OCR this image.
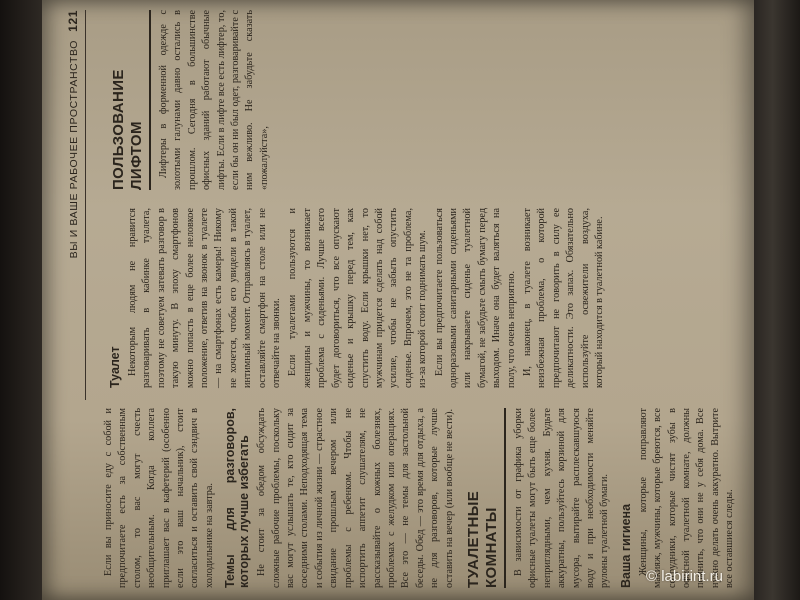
ВЫ И ВАШЕ РАБОЧЕЕ ПРОСТРАНСТВО
121

Если вы приносите еду с собой и предпочитаете есть за собственным столом, то вас могут счесть необщительным. Когда коллега приглашает вас в кафетерий (особенно если это ваш начальник), стоит согласиться и оставить свой сэндвич в холодильнике на завтра. Темы для разговоров, которых лучше избегать Не стоит за обедом обсуждать сложные рабочие проблемы, поскольку вас могут услышать те, кто сидит за соседними столами. Неподходящая тема и события из личной жизни — страстное свидание прошлым вечером или проблемы с ребенком. Чтобы не испортить аппетит слушателям, не рассказывайте о кожных болезнях, проблемах с желудком или операциях. Все это — не темы для застольной беседы. Обед — это время для отдыха, а не для разговоров, которые лучше оставить на вечер (или вообще не вести). ТУАЛЕТНЫЕ КОМНАТЫ	В зависимости от графика уборки офисные туалеты могут быть еще более неприглядными, чем кухня. Будьте аккуратны, пользуйтесь корзиной для мусора, вытирайте расплескавшуюся воду и при необходимости меняйте рулоны туалетной бумаги. Ваша гигиена Женщины, которые поправляют макияж, мужчины, которые бреются, все сотрудники, которые чистят зубы в офисной туалетной комнате, должны помнить, что они не у себя дома. Все нужно делать очень аккуратно. Вытрите все оставшиеся следы.

Туалет Некоторым людям не нравится разговаривать в кабинке туалета, поэтому не советуем затевать разговор в такую минуту. В эпоху смартфонов можно попасть в еще более неловкое положение, ответив на звонок в туалете — на смартфонах есть камеры! Никому не хочется, чтобы его увидели в такой интимный момент. Отправляясь в туалет, оставляйте смартфон на столе или не отвечайте на звонки. Если туалетами пользуются и женщины и мужчины, то возникает проблема с сиденьями. Лучше всего будет договориться, что все опускают сиденье и крышку перед тем, как спустить воду. Если крышки нет, то мужчинам придется сделать над собой усилие, чтобы не забыть опустить сиденье. Впрочем, это не та проблема, из-за которой стоит поднимать шум. Если вы предпочитаете пользоваться одноразовыми санитарными сиденьями или накрываете сиденье туалетной бумагой, не забудьте смыть бумагу перед выходом. Иначе она будет валяться на полу, что очень неприятно. И, наконец, в туалете возникает неизбежная проблема, о которой предпочитают не говорить в силу ее деликатности. Это запах. Обязательно используйте освежители воздуха, который находится в туалетной кабине.

ПОЛЬЗОВАНИЕ ЛИФТОМ	Лифтеры в форменной одежде с золотыми галунами давно остались в прошлом. Сегодня в большинстве офисных зданий работают обычные лифты. Если в лифте все есть лифтер, то, если бы он ни был одет, разговаривайте с ним вежливо. Не забудьте сказать «пожалуйста»,

© labirint.ru
